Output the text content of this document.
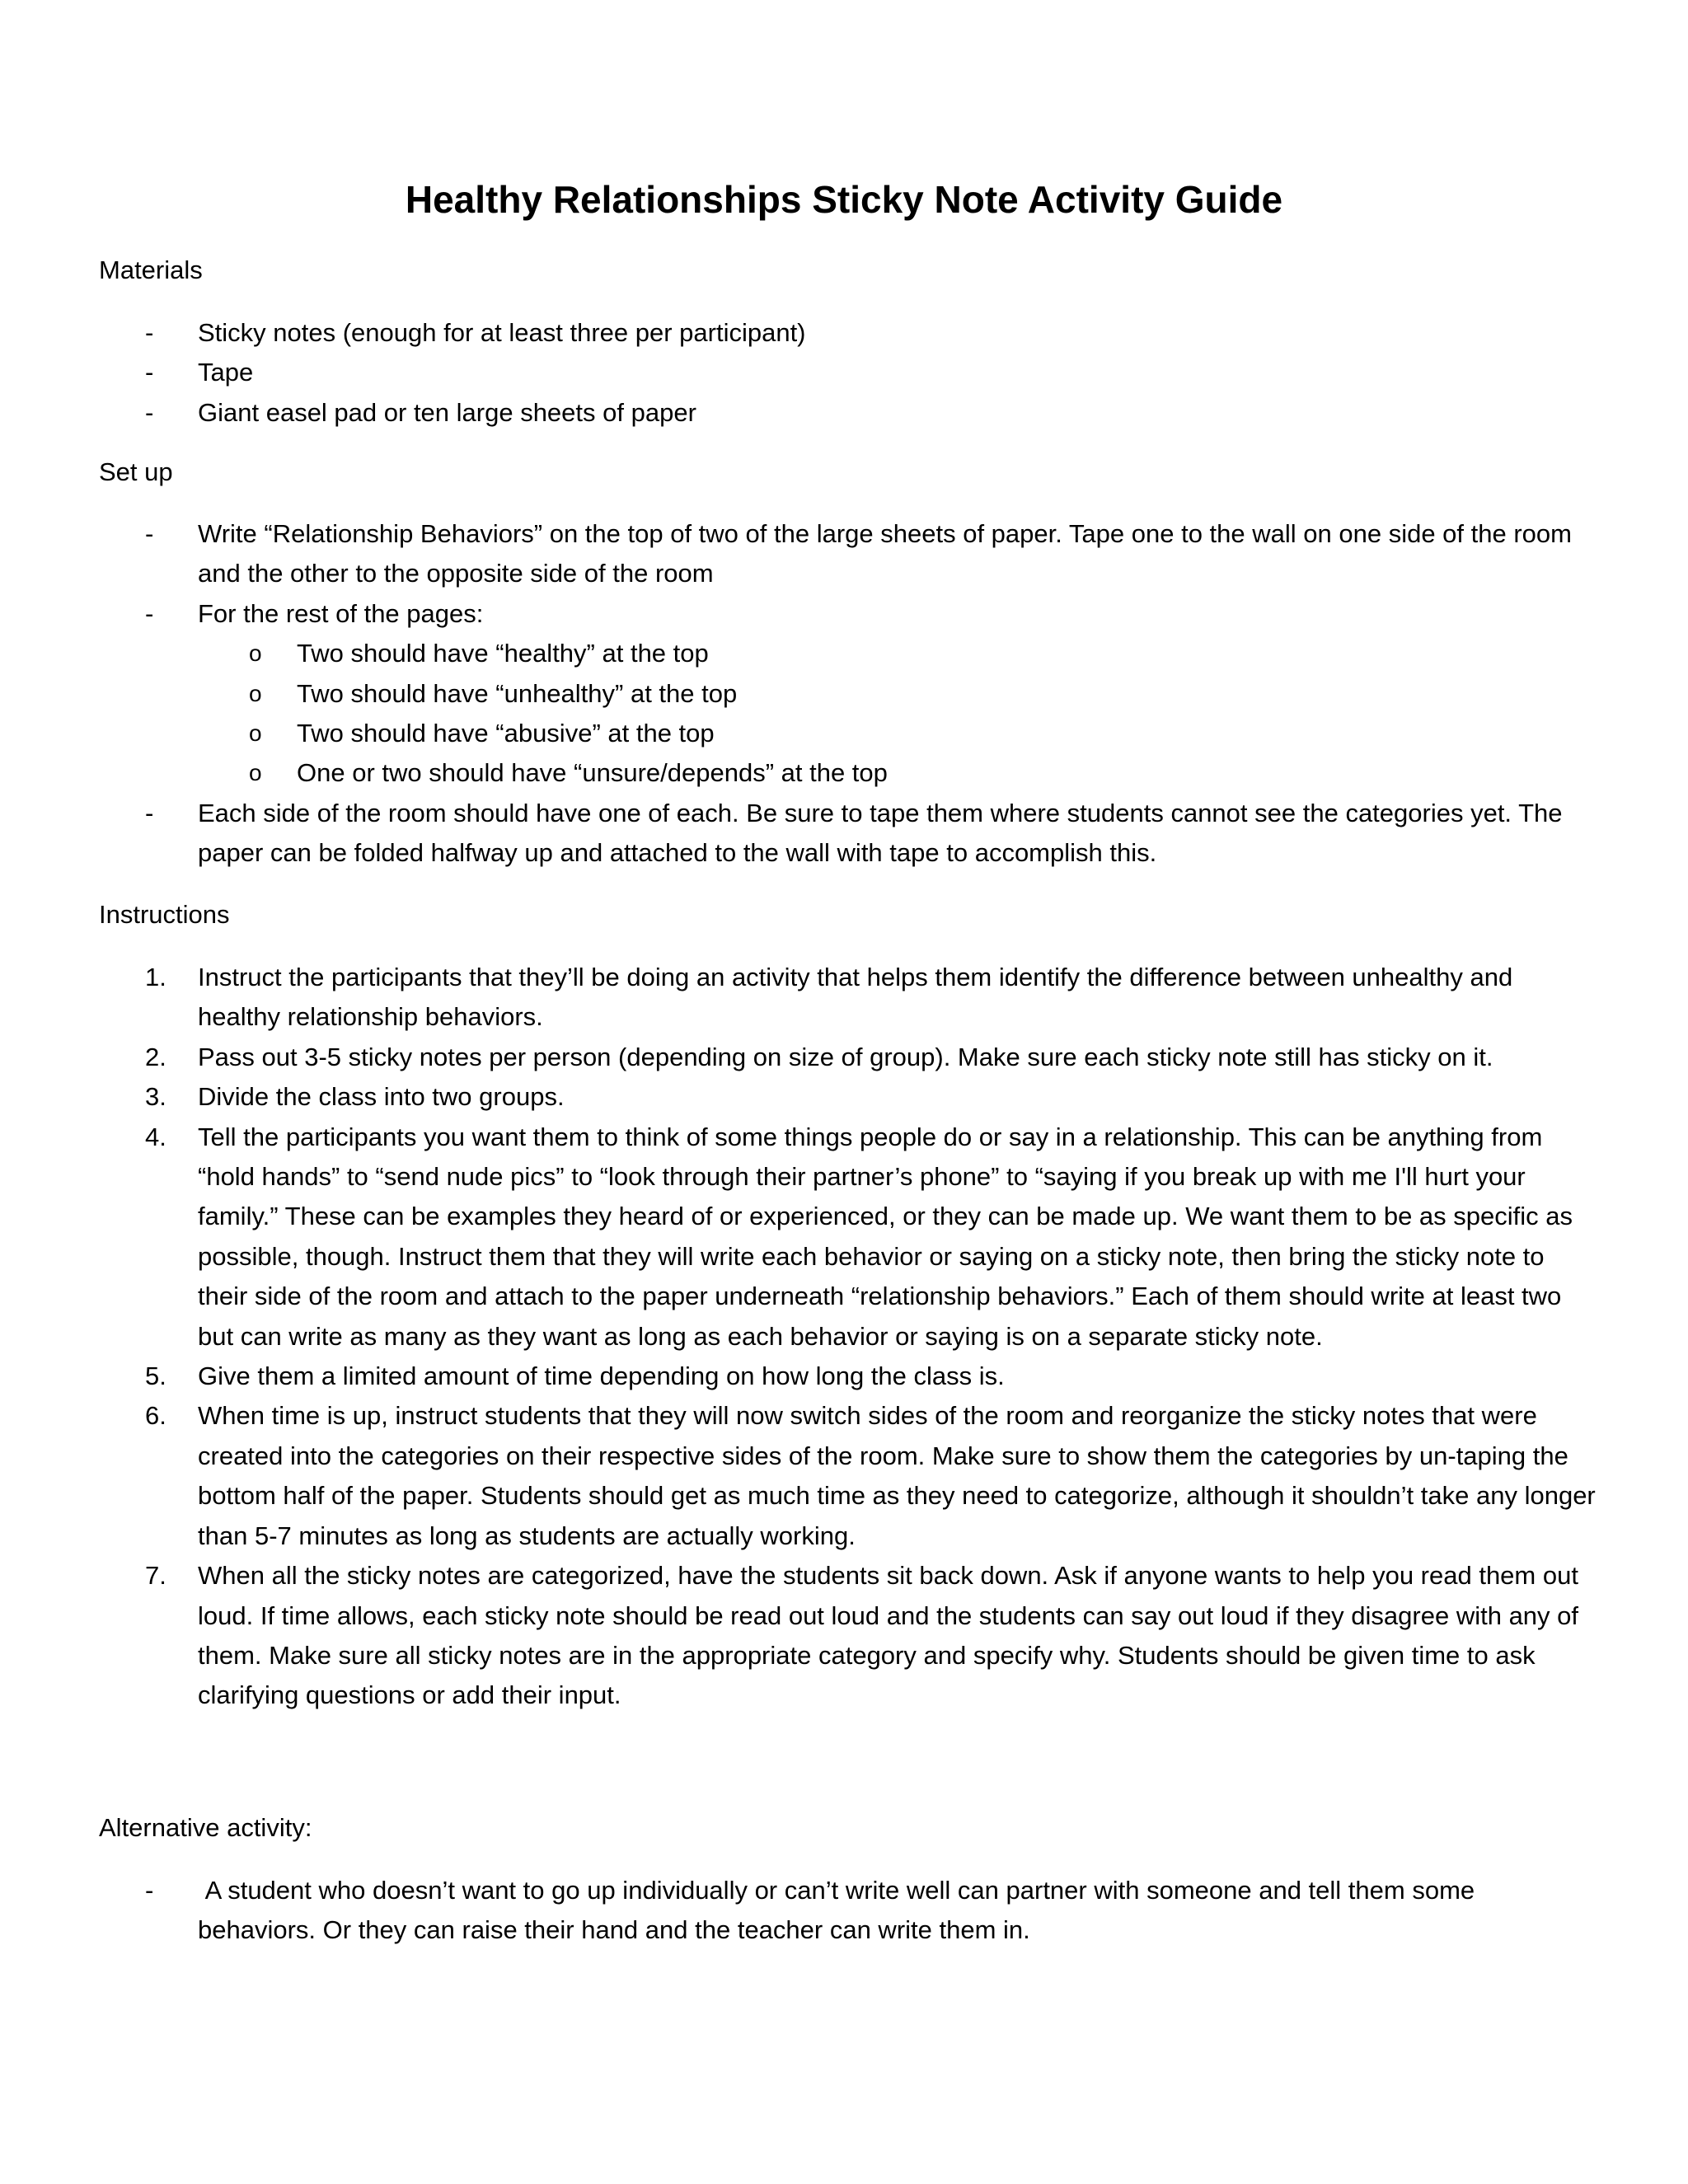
Healthy Relationships Sticky Note Activity Guide
Materials
- Sticky notes (enough for at least three per participant)
- Tape
- Giant easel pad or ten large sheets of paper
Set up
- Write “Relationship Behaviors” on the top of two of the large sheets of paper. Tape one to the wall on one side of the room and the other to the opposite side of the room
- For the rest of the pages:
o Two should have “healthy” at the top
o Two should have “unhealthy” at the top
o Two should have “abusive” at the top
o One or two should have “unsure/depends” at the top
- Each side of the room should have one of each. Be sure to tape them where students cannot see the categories yet. The paper can be folded halfway up and attached to the wall with tape to accomplish this.
Instructions
1. Instruct the participants that they’ll be doing an activity that helps them identify the difference between unhealthy and healthy relationship behaviors.
2. Pass out 3-5 sticky notes per person (depending on size of group). Make sure each sticky note still has sticky on it.
3. Divide the class into two groups.
4. Tell the participants you want them to think of some things people do or say in a relationship. This can be anything from “hold hands” to “send nude pics” to “look through their partner’s phone” to “saying if you break up with me I'll hurt your family.” These can be examples they heard of or experienced, or they can be made up. We want them to be as specific as possible, though. Instruct them that they will write each behavior or saying on a sticky note, then bring the sticky note to their side of the room and attach to the paper underneath “relationship behaviors.” Each of them should write at least two but can write as many as they want as long as each behavior or saying is on a separate sticky note.
5. Give them a limited amount of time depending on how long the class is.
6. When time is up, instruct students that they will now switch sides of the room and reorganize the sticky notes that were created into the categories on their respective sides of the room. Make sure to show them the categories by un-taping the bottom half of the paper. Students should get as much time as they need to categorize, although it shouldn’t take any longer than 5-7 minutes as long as students are actually working.
7. When all the sticky notes are categorized, have the students sit back down. Ask if anyone wants to help you read them out loud. If time allows, each sticky note should be read out loud and the students can say out loud if they disagree with any of them. Make sure all sticky notes are in the appropriate category and specify why. Students should be given time to ask clarifying questions or add their input.
Alternative activity:
- A student who doesn’t want to go up individually or can’t write well can partner with someone and tell them some behaviors. Or they can raise their hand and the teacher can write them in.
